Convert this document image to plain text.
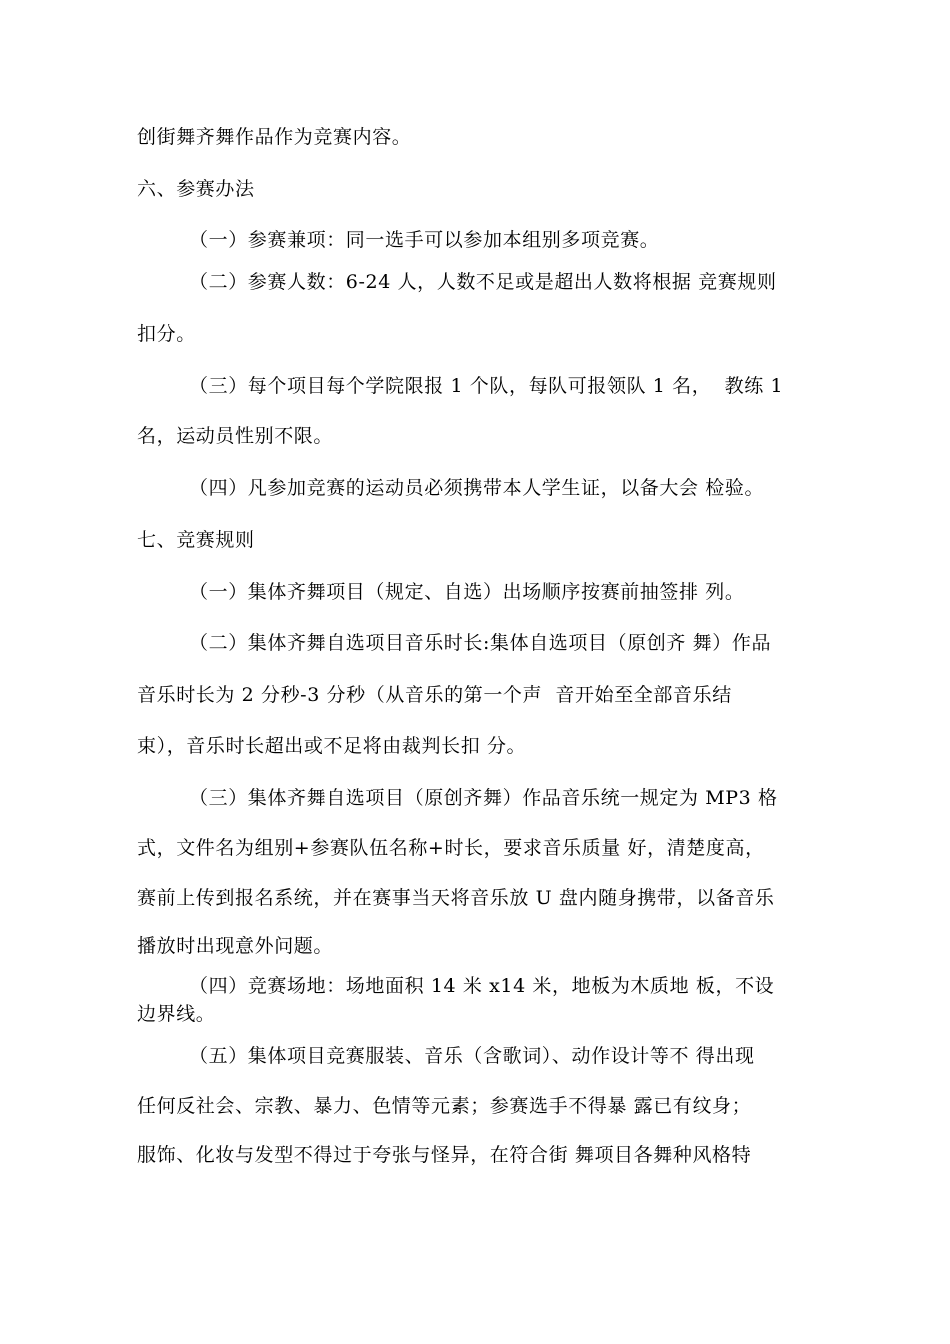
创街舞齐舞作品作为竞赛内容。
六、参赛办法
（一）参赛兼项：同一选手可以参加本组别多项竞赛。
（二）参赛人数：6-24 人，人数不足或是超出人数将根据 竞赛规则
扣分。
（三）每个项目每个学院限报 1 个队，每队可报领队 1 名，  教练 1
名，运动员性别不限。
（四）凡参加竞赛的运动员必须携带本人学生证，以备大会 检验。
七、竞赛规则
（一）集体齐舞项目（规定、自选）出场顺序按赛前抽签排 列。
（二）集体齐舞自选项目音乐时长:集体自选项目（原创齐 舞）作品
音乐时长为 2 分秒-3 分秒（从音乐的第一个声  音开始至全部音乐结
束），音乐时长超出或不足将由裁判长扣 分。
（三）集体齐舞自选项目（原创齐舞）作品音乐统一规定为 MP3 格
式，文件名为组别+参赛队伍名称+时长，要求音乐质量 好，清楚度高，
赛前上传到报名系统，并在赛事当天将音乐放 U 盘内随身携带，以备音乐
播放时出现意外问题。
（四）竞赛场地：场地面积 14 米 x14 米，地板为木质地 板，不设
边界线。
（五）集体项目竞赛服装、音乐（含歌词）、动作设计等不 得出现
任何反社会、宗教、暴力、色情等元素；参赛选手不得暴 露已有纹身；
服饰、化妆与发型不得过于夸张与怪异，在符合街 舞项目各舞种风格特
